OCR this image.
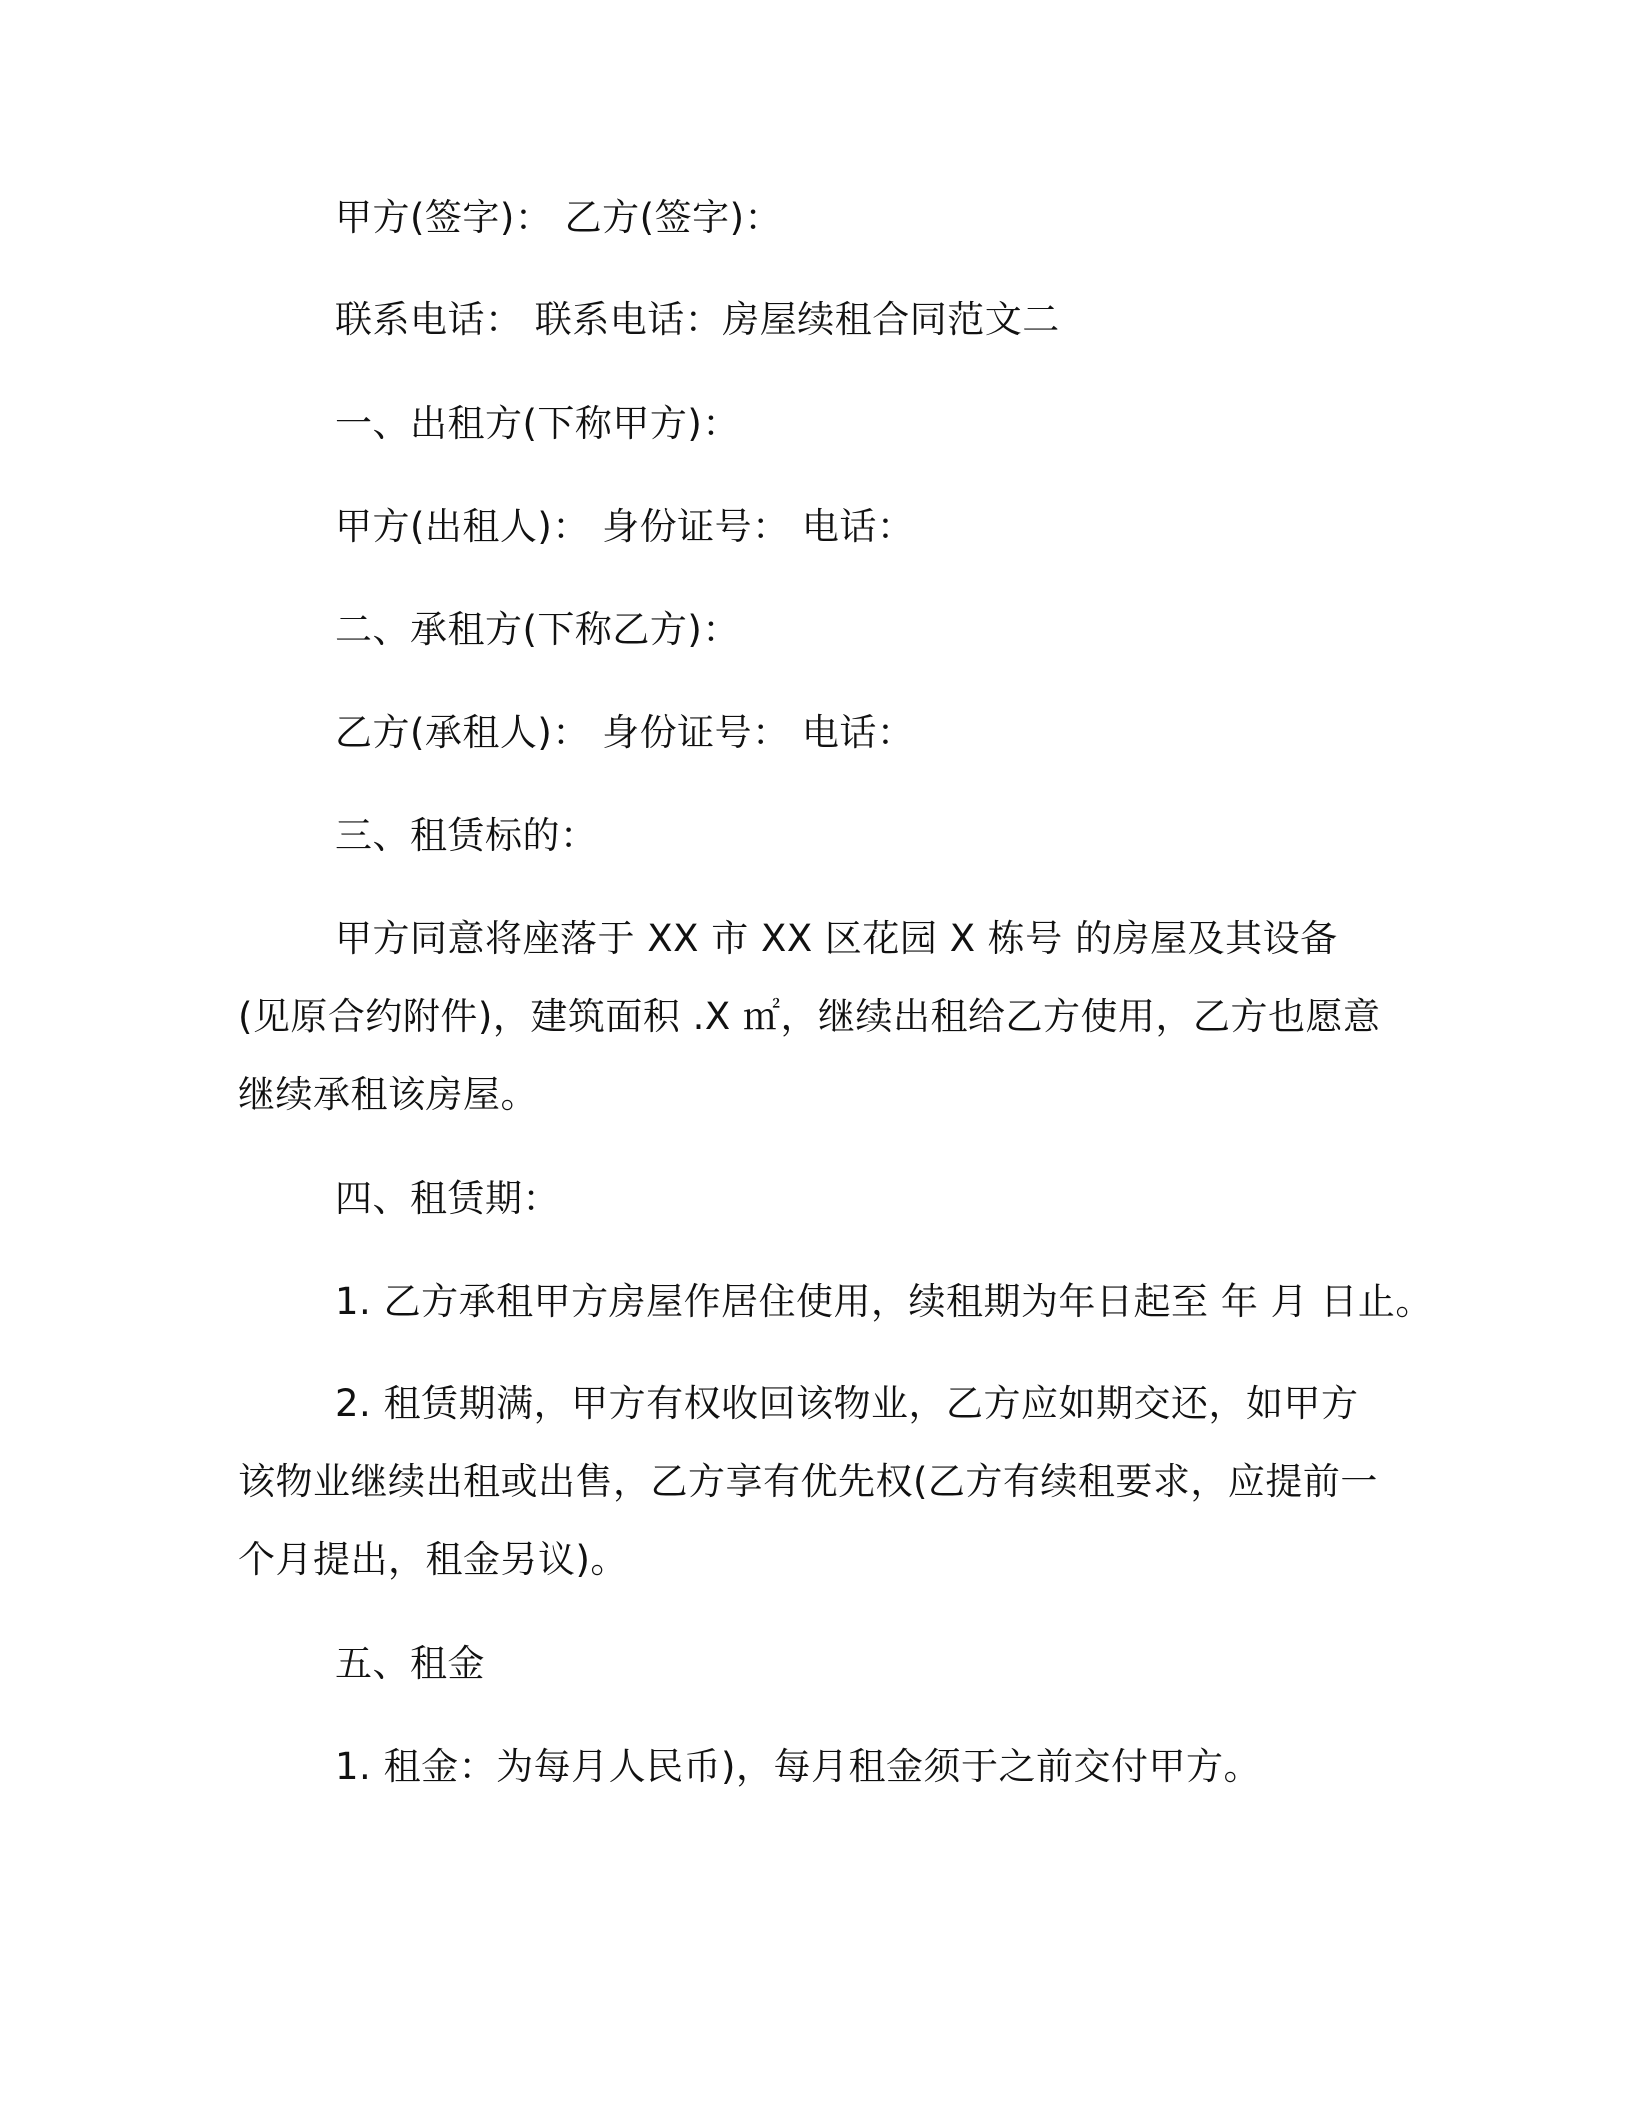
甲方(签字)： 乙方(签字)：
联系电话： 联系电话：房屋续租合同范文二
一、出租方(下称甲方)：
甲方(出租人)： 身份证号： 电话：
二、承租方(下称乙方)：
乙方(承租人)： 身份证号： 电话：
三、租赁标的：
甲方同意将座落于 XX 市 XX 区花园 X 栋号 的房屋及其设备(见原合约附件)，建筑面积 .X ㎡，继续出租给乙方使用，乙方也愿意继续承租该房屋。
四、租赁期：
1. 乙方承租甲方房屋作居住使用，续租期为年日起至 年 月 日止。
2. 租赁期满，甲方有权收回该物业，乙方应如期交还，如甲方该物业继续出租或出售，乙方享有优先权(乙方有续租要求，应提前一个月提出，租金另议)。
五、租金
1. 租金：为每月人民币)，每月租金须于之前交付甲方。
